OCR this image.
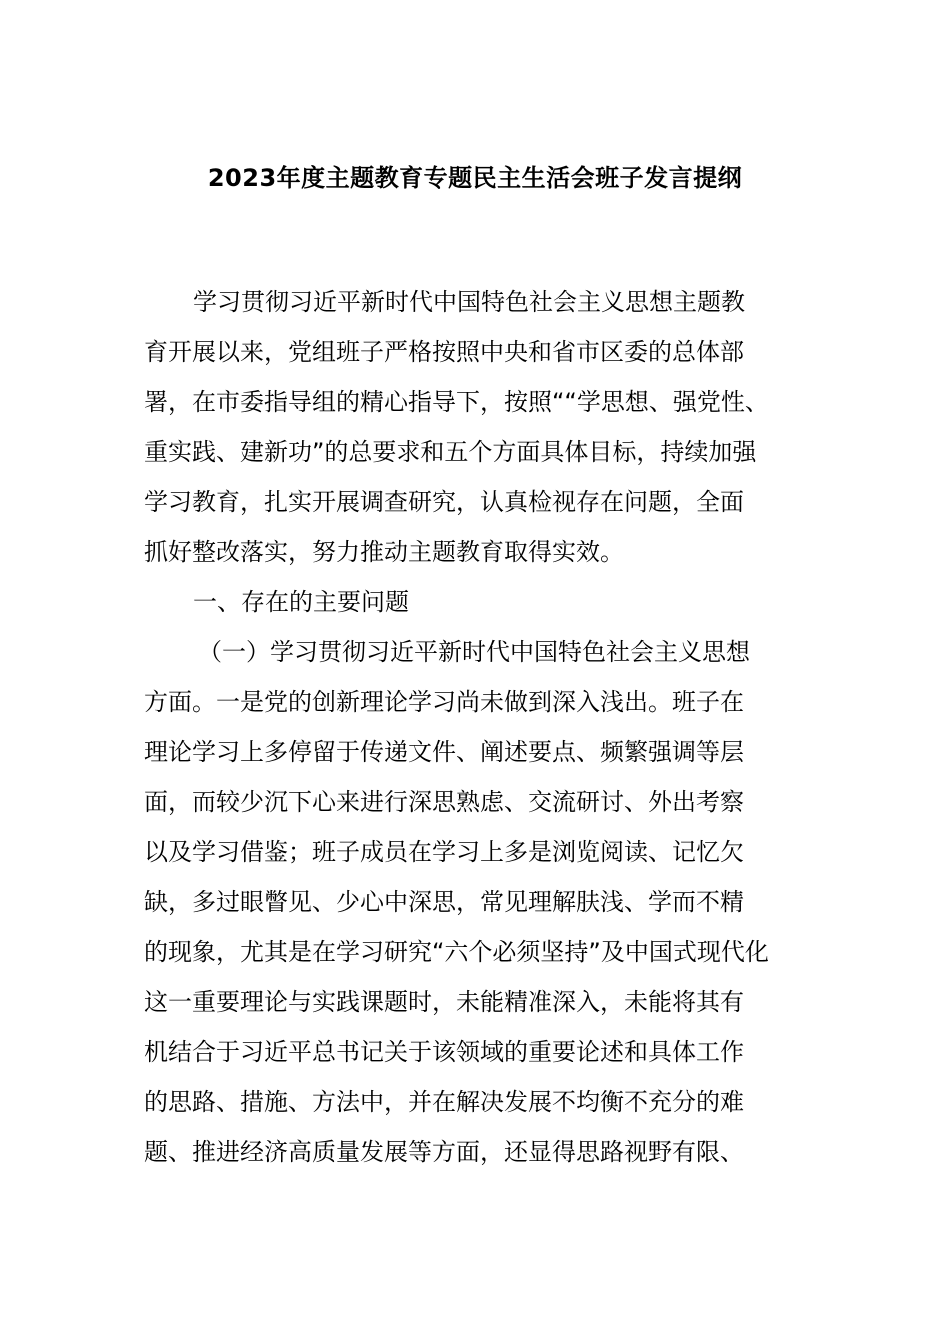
2023年度主题教育专题民主生活会班子发言提纲
学习贯彻习近平新时代中国特色社会主义思想主题教
育开展以来，党组班子严格按照中央和省市区委的总体部
署，在市委指导组的精心指导下，按照““学思想、强党性、
重实践、建新功”的总要求和五个方面具体目标，持续加强
学习教育，扎实开展调查研究，认真检视存在问题，全面
抓好整改落实，努力推动主题教育取得实效。
一、存在的主要问题
（一）学习贯彻习近平新时代中国特色社会主义思想
方面。一是党的创新理论学习尚未做到深入浅出。班子在
理论学习上多停留于传递文件、阐述要点、频繁强调等层
面，而较少沉下心来进行深思熟虑、交流研讨、外出考察
以及学习借鉴；班子成员在学习上多是浏览阅读、记忆欠
缺，多过眼瞥见、少心中深思，常见理解肤浅、学而不精
的现象，尤其是在学习研究“六个必须坚持”及中国式现代化
这一重要理论与实践课题时，未能精准深入，未能将其有
机结合于习近平总书记关于该领域的重要论述和具体工作
的思路、措施、方法中，并在解决发展不均衡不充分的难
题、推进经济高质量发展等方面，还显得思路视野有限、
